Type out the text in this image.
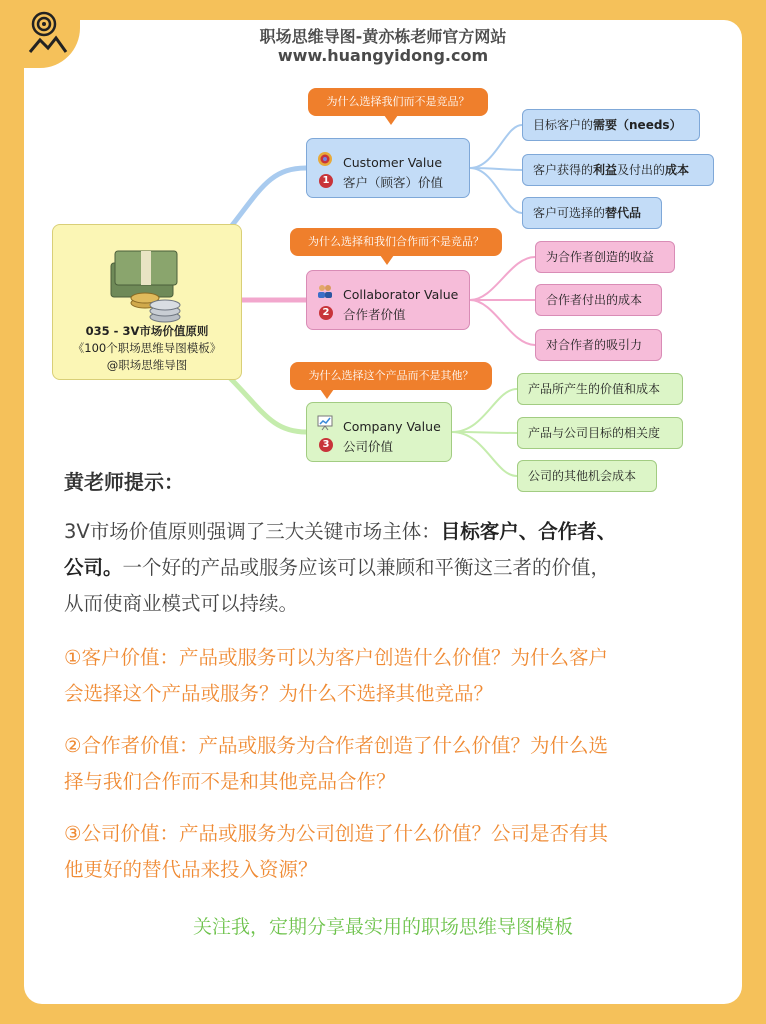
职场思维导图-黄亦栋老师官方网站
www.huangyidong.com
035 - 3V市场价值原则
《100个职场思维导图模板》
@职场思维导图
为什么选择我们而不是竞品？
Customer Value
1 客户（顾客）价值
目标客户的需要（needs）
客户获得的利益及付出的成本
客户可选择的替代品
为什么选择和我们合作而不是竞品？
Collaborator Value
2 合作者价值
为合作者创造的收益
合作者付出的成本
对合作者的吸引力
为什么选择这个产品而不是其他？
Company Value
3 公司价值
产品所产生的价值和成本
产品与公司目标的相关度
公司的其他机会成本
黄老师提示：
3V市场价值原则强调了三大关键市场主体：目标客户、合作者、
公司。一个好的产品或服务应该可以兼顾和平衡这三者的价值，
从而使商业模式可以持续。
①客户价值：产品或服务可以为客户创造什么价值？为什么客户
会选择这个产品或服务？为什么不选择其他竞品？
②合作者价值：产品或服务为合作者创造了什么价值？为什么选
择与我们合作而不是和其他竞品合作？
③公司价值：产品或服务为公司创造了什么价值？公司是否有其
他更好的替代品来投入资源？
关注我，定期分享最实用的职场思维导图模板
